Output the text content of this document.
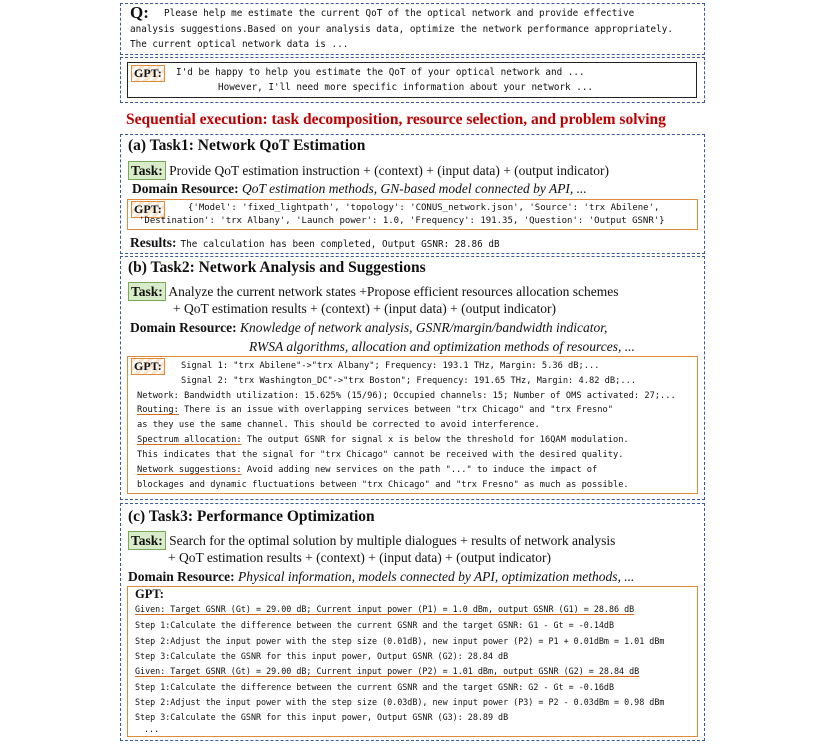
Q: Please help me estimate the current QoT of the optical network and provide effective
analysis suggestions.Based on your analysis data, optimize the network performance appropriately.
The current optical network data is ...
GPT:	I'd be happy to help you estimate the QoT of your optical network and ...
However, I'll need more specific information about your network ...
Sequential execution: task decomposition, resource selection, and problem solving
(a) Task1: Network QoT Estimation
Task: Provide QoT estimation instruction + (context) + (input data) + (output indicator)
Domain Resource: QoT estimation methods, GN-based model connected by API, ...
GPT:	{'Model': 'fixed_lightpath', 'topology': 'CONUS_network.json', 'Source': 'trx Abilene',
'Destination': 'trx Albany', 'Launch power': 1.0, 'Frequency': 191.35, 'Question': 'Output GSNR'}
Results: The calculation has been completed, Output GSNR: 28.86 dB
(b) Task2: Network Analysis and Suggestions
Task: Analyze the current network states +Propose efficient resources allocation schemes
+ QoT estimation results + (context) + (input data) + (output indicator)
Domain Resource: Knowledge of network analysis, GSNR/margin/bandwidth indicator,
RWSA algorithms, allocation and optimization methods of resources, ...
GPT:	Signal 1: "trx Abilene"->"trx Albany"; Frequency: 193.1 THz, Margin: 5.36 dB;...
Signal 2: "trx Washington_DC"->"trx Boston"; Frequency: 191.65 THz, Margin: 4.82 dB;...
Network: Bandwidth utilization: 15.625% (15/96); Occupied channels: 15; Number of OMS activated: 27;...
Routing: There is an issue with overlapping services between "trx Chicago" and "trx Fresno"
as they use the same channel. This should be corrected to avoid interference.
Spectrum allocation: The output GSNR for signal x is below the threshold for 16QAM modulation.
This indicates that the signal for "trx Chicago" cannot be received with the desired quality.
Network suggestions: Avoid adding new services on the path "..." to induce the impact of
blockages and dynamic fluctuations between "trx Chicago" and "trx Fresno" as much as possible.
(c) Task3: Performance Optimization
Task: Search for the optimal solution by multiple dialogues + results of network analysis
+ QoT estimation results + (context) + (input data) + (output indicator)
Domain Resource: Physical information, models connected by API, optimization methods, ...
GPT:
Given: Target GSNR (Gt) = 29.00 dB; Current input power (P1) = 1.0 dBm, output GSNR (G1) = 28.86 dB
Step 1:Calculate the difference between the current GSNR and the target GSNR: G1 - Gt = -0.14dB
Step 2:Adjust the input power with the step size (0.01dB), new input power (P2) = P1 + 0.01dBm = 1.01 dBm
Step 3:Calculate the GSNR for this input power, Output GSNR (G2): 28.84 dB
Given: Target GSNR (Gt) = 29.00 dB; Current input power (P2) = 1.01 dBm, output GSNR (G2) = 28.84 dB
Step 1:Calculate the difference between the current GSNR and the target GSNR: G2 - Gt = -0.16dB
Step 2:Adjust the input power with the step size (0.03dB), new input power (P3) = P2 - 0.03dBm = 0.98 dBm
Step 3:Calculate the GSNR for this input power, Output GSNR (G3): 28.89 dB
...
